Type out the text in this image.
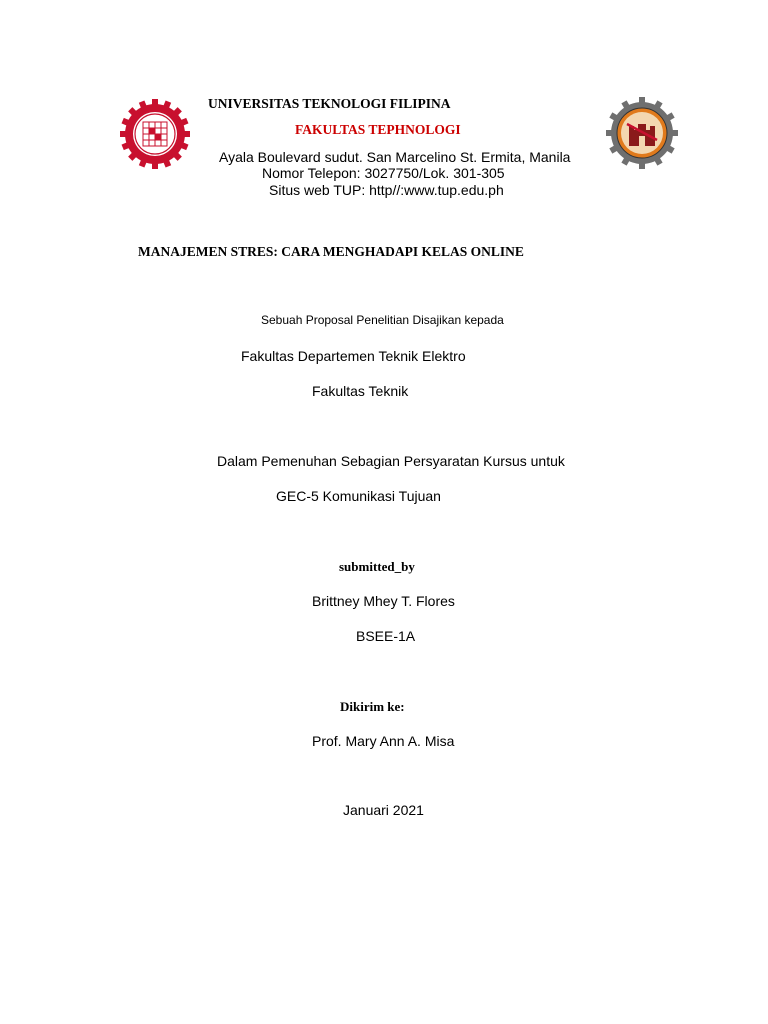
UNIVERSITAS TEKNOLOGI FILIPINA
FAKULTAS TEPHNOLOGI
Ayala Boulevard sudut. San Marcelino St. Ermita, Manila
Nomor Telepon: 3027750/Lok. 301-305
Situs web TUP: http//:www.tup.edu.ph
MANAJEMEN STRES: CARA MENGHADAPI KELAS ONLINE
Sebuah Proposal Penelitian Disajikan kepada
Fakultas Departemen Teknik Elektro
Fakultas Teknik
Dalam Pemenuhan Sebagian Persyaratan Kursus untuk
GEC-5 Komunikasi Tujuan
submitted_by
Brittney Mhey T. Flores
BSEE-1A
Dikirim ke:
Prof. Mary Ann A. Misa
Januari 2021
